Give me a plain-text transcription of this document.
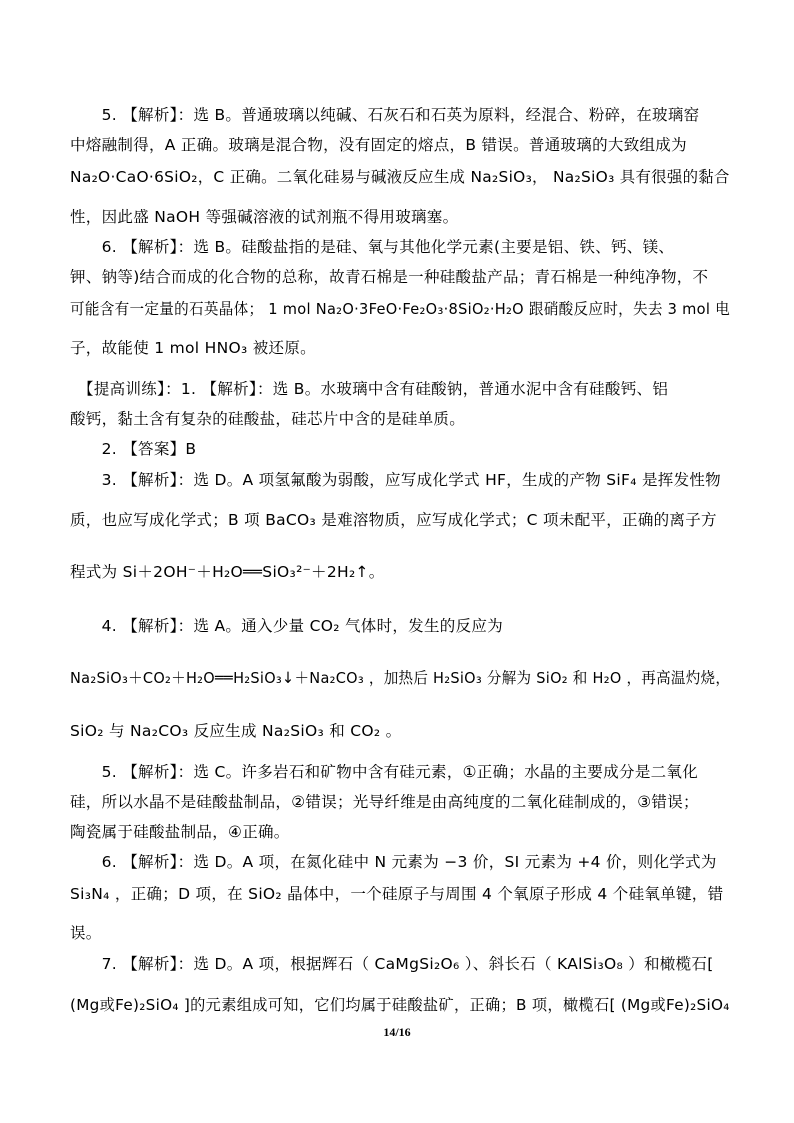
　　5. 【解析】：选 B。普通玻璃以纯碱、石灰石和石英为原料，经混合、粉碎，在玻璃窑
中熔融制得，A 正确。玻璃是混合物，没有固定的熔点，B 错误。普通玻璃的大致组成为
Na₂O·CaO·6SiO₂，C 正确。二氧化硅易与碱液反应生成 Na₂SiO₃， Na₂SiO₃ 具有很强的黏合
性，因此盛 NaOH 等强碱溶液的试剂瓶不得用玻璃塞。
　　6. 【解析】：选 B。硅酸盐指的是硅、氧与其他化学元素(主要是铝、铁、钙、镁、
钾、钠等)结合而成的化合物的总称，故青石棉是一种硅酸盐产品；青石棉是一种纯净物，不
可能含有一定量的石英晶体； 1 mol Na₂O·3FeO·Fe₂O₃·8SiO₂·H₂O 跟硝酸反应时，失去 3 mol 电
子，故能使 1 mol HNO₃ 被还原。
　【提高训练】：1. 【解析】：选 B。水玻璃中含有硅酸钠，普通水泥中含有硅酸钙、铝
酸钙，黏土含有复杂的硅酸盐，硅芯片中含的是硅单质。
　　2. 【答案】B
　　3. 【解析】：选 D。A 项氢氟酸为弱酸，应写成化学式 HF，生成的产物 SiF₄ 是挥发性物
质，也应写成化学式；B 项 BaCO₃ 是难溶物质，应写成化学式；C 项未配平，正确的离子方
程式为 Si＋2OH⁻＋H₂O══SiO₃²⁻＋2H₂↑。
　　4. 【解析】：选 A。通入少量 CO₂ 气体时，发生的反应为
Na₂SiO₃＋CO₂＋H₂O══H₂SiO₃↓＋Na₂CO₃ ，加热后 H₂SiO₃ 分解为 SiO₂ 和 H₂O ，再高温灼烧，
SiO₂ 与 Na₂CO₃ 反应生成 Na₂SiO₃ 和 CO₂ 。
　　5. 【解析】：选 C。许多岩石和矿物中含有硅元素，①正确；水晶的主要成分是二氧化
硅，所以水晶不是硅酸盐制品，②错误；光导纤维是由高纯度的二氧化硅制成的，③错误；
陶瓷属于硅酸盐制品，④正确。
　　6. 【解析】：选 D。A 项，在氮化硅中 N 元素为 −3 价，SI 元素为 +4 价，则化学式为
Si₃N₄ ，正确；D 项，在 SiO₂ 晶体中，一个硅原子与周围 4 个氧原子形成 4 个硅氧单键，错
误。
　　7. 【解析】：选 D。A 项，根据辉石（ CaMgSi₂O₆ ）、斜长石（ KAlSi₃O₈ ）和橄榄石[
(Mg或Fe)₂SiO₄ ]的元素组成可知，它们均属于硅酸盐矿，正确；B 项，橄榄石[ (Mg或Fe)₂SiO₄
14/16
